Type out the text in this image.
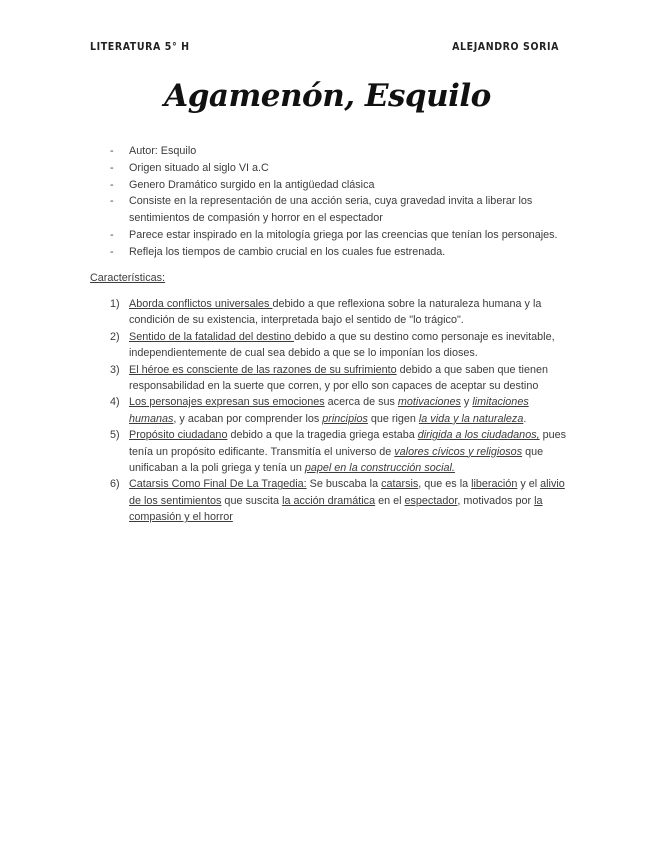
LITERATURA 5° H	ALEJANDRO SORIA
Agamenón, Esquilo
- Autor: Esquilo
- Origen situado al siglo VI a.C
- Genero Dramático surgido en la antigüedad clásica
- Consiste en la representación de una acción seria, cuya gravedad invita a liberar los sentimientos de compasión y horror en el espectador
- Parece estar inspirado en la mitología griega por las creencias que tenían los personajes.
- Refleja los tiempos de cambio crucial en los cuales fue estrenada.
Características:
1) Aborda conflictos universales debido a que reflexiona sobre la naturaleza humana y la condición de su existencia, interpretada bajo el sentido de "lo trágico".
2) Sentido de la fatalidad del destino debido a que su destino como personaje es inevitable, independientemente de cual sea debido a que se lo imponían los dioses.
3) El héroe es consciente de las razones de su sufrimiento debido a que saben que tienen responsabilidad en la suerte que corren, y por ello son capaces de aceptar su destino
4) Los personajes expresan sus emociones acerca de sus motivaciones y limitaciones humanas, y acaban por comprender los principios que rigen la vida y la naturaleza.
5) Propósito ciudadano debido a que la tragedia griega estaba dirigida a los ciudadanos, pues tenía un propósito edificante. Transmitía el universo de valores cívicos y religiosos que unificaban a la poli griega y tenía un papel en la construcción social.
6) Catarsis Como Final De La Tragedia: Se buscaba la catarsis, que es la liberación y el alivio de los sentimientos que suscita la acción dramática en el espectador, motivados por la compasión y el horror
